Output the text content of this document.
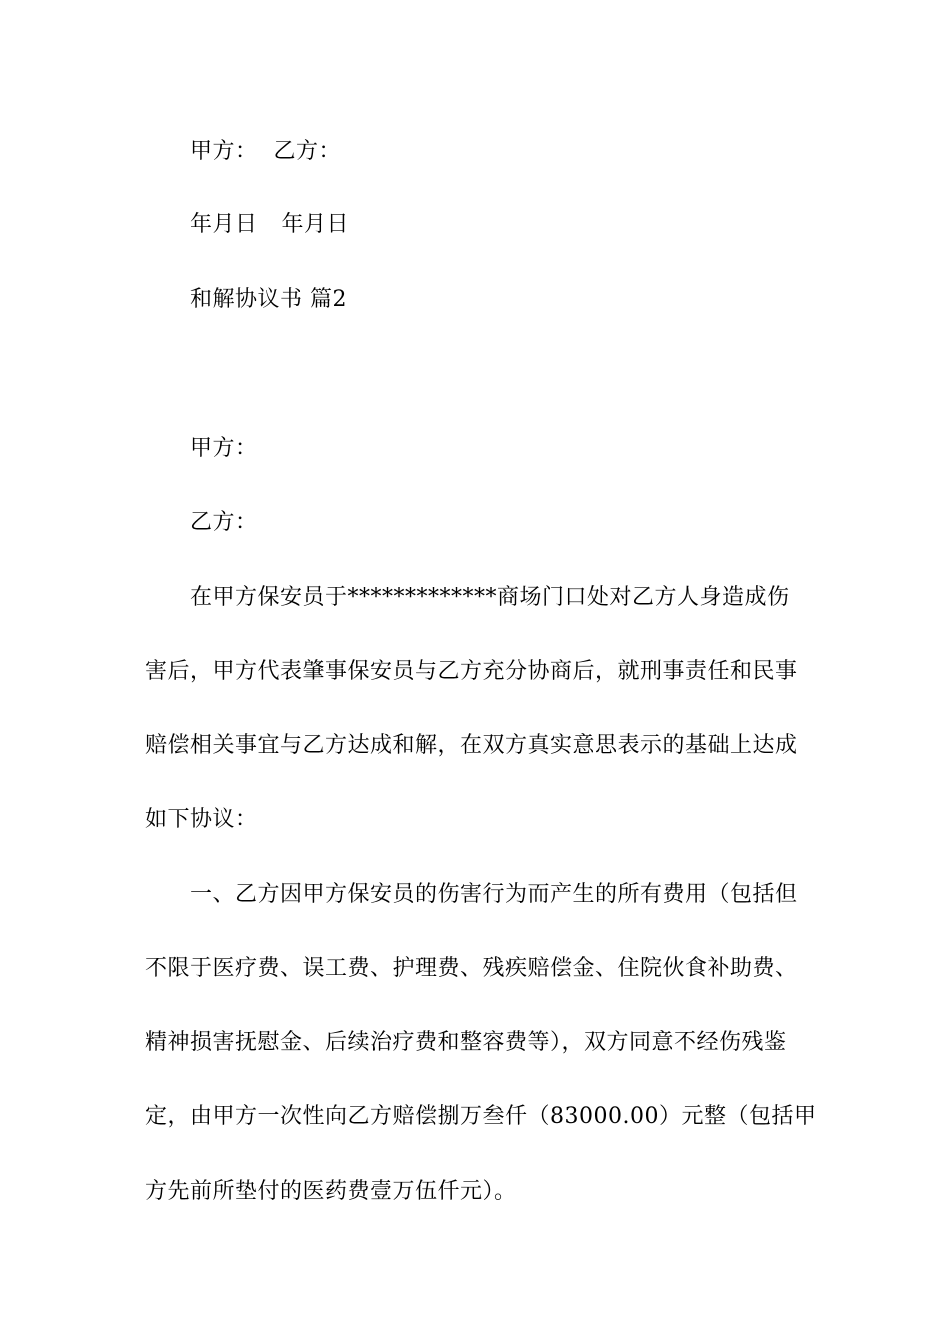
甲方： 乙方：
年月日 年月日
和解协议书 篇2
甲方：
乙方：
在甲方保安员于*************商场门口处对乙方人身造成伤
害后，甲方代表肇事保安员与乙方充分协商后，就刑事责任和民事
赔偿相关事宜与乙方达成和解，在双方真实意思表示的基础上达成
如下协议：
一、乙方因甲方保安员的伤害行为而产生的所有费用（包括但
不限于医疗费、误工费、护理费、残疾赔偿金、住院伙食补助费、
精神损害抚慰金、后续治疗费和整容费等），双方同意不经伤残鉴
定，由甲方一次性向乙方赔偿捌万叁仟（83000.00）元整（包括甲
方先前所垫付的医药费壹万伍仟元）。
